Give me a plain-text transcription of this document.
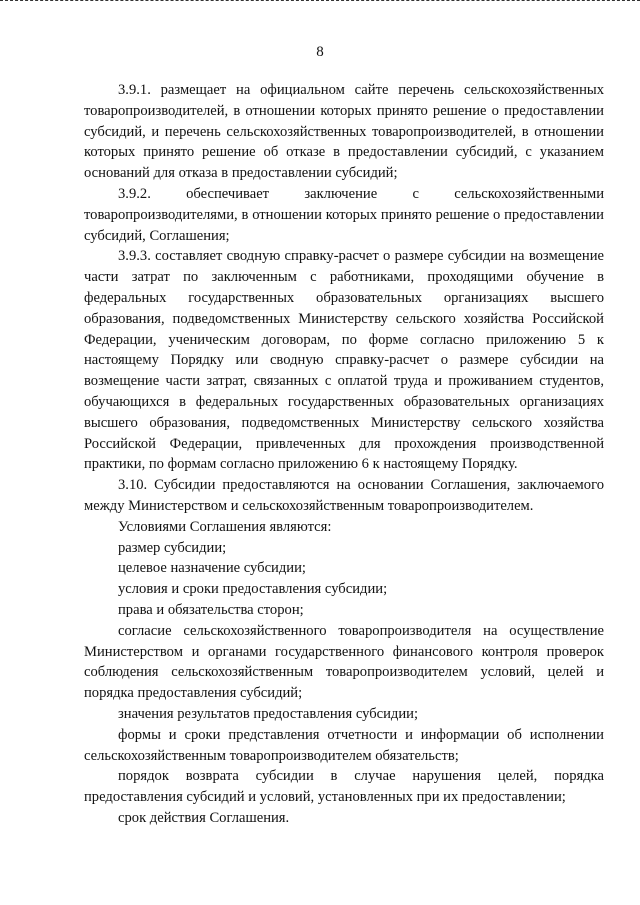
8

3.9.1. размещает на официальном сайте перечень сельскохозяйственных товаропроизводителей, в отношении которых принято решение о предоставлении субсидий, и перечень сельскохозяйственных товаропроизводителей, в отношении которых принято решение об отказе в предоставлении субсидий, с указанием оснований для отказа в предоставлении субсидий;

3.9.2. обеспечивает заключение с сельскохозяйственными товаропроизводителями, в отношении которых принято решение о предоставлении субсидий, Соглашения;

3.9.3. составляет сводную справку-расчет о размере субсидии на возмещение части затрат по заключенным с работниками, проходящими обучение в федеральных государственных образовательных организациях высшего образования, подведомственных Министерству сельского хозяйства Российской Федерации, ученическим договорам, по форме согласно приложению 5 к настоящему Порядку или сводную справку-расчет о размере субсидии на возмещение части затрат, связанных с оплатой труда и проживанием студентов, обучающихся в федеральных государственных образовательных организациях высшего образования, подведомственных Министерству сельского хозяйства Российской Федерации, привлеченных для прохождения производственной практики, по формам согласно приложению 6 к настоящему Порядку.

3.10. Субсидии предоставляются на основании Соглашения, заключаемого между Министерством и сельскохозяйственным товаропроизводителем.

Условиями Соглашения являются:

размер субсидии;

целевое назначение субсидии;

условия и сроки предоставления субсидии;

права и обязательства сторон;

согласие сельскохозяйственного товаропроизводителя на осуществление Министерством и органами государственного финансового контроля проверок соблюдения сельскохозяйственным товаропроизводителем условий, целей и порядка предоставления субсидий;

значения результатов предоставления субсидии;

формы и сроки представления отчетности и информации об исполнении сельскохозяйственным товаропроизводителем обязательств;

порядок возврата субсидии в случае нарушения целей, порядка предоставления субсидий и условий, установленных при их предоставлении;

срок действия Соглашения.
